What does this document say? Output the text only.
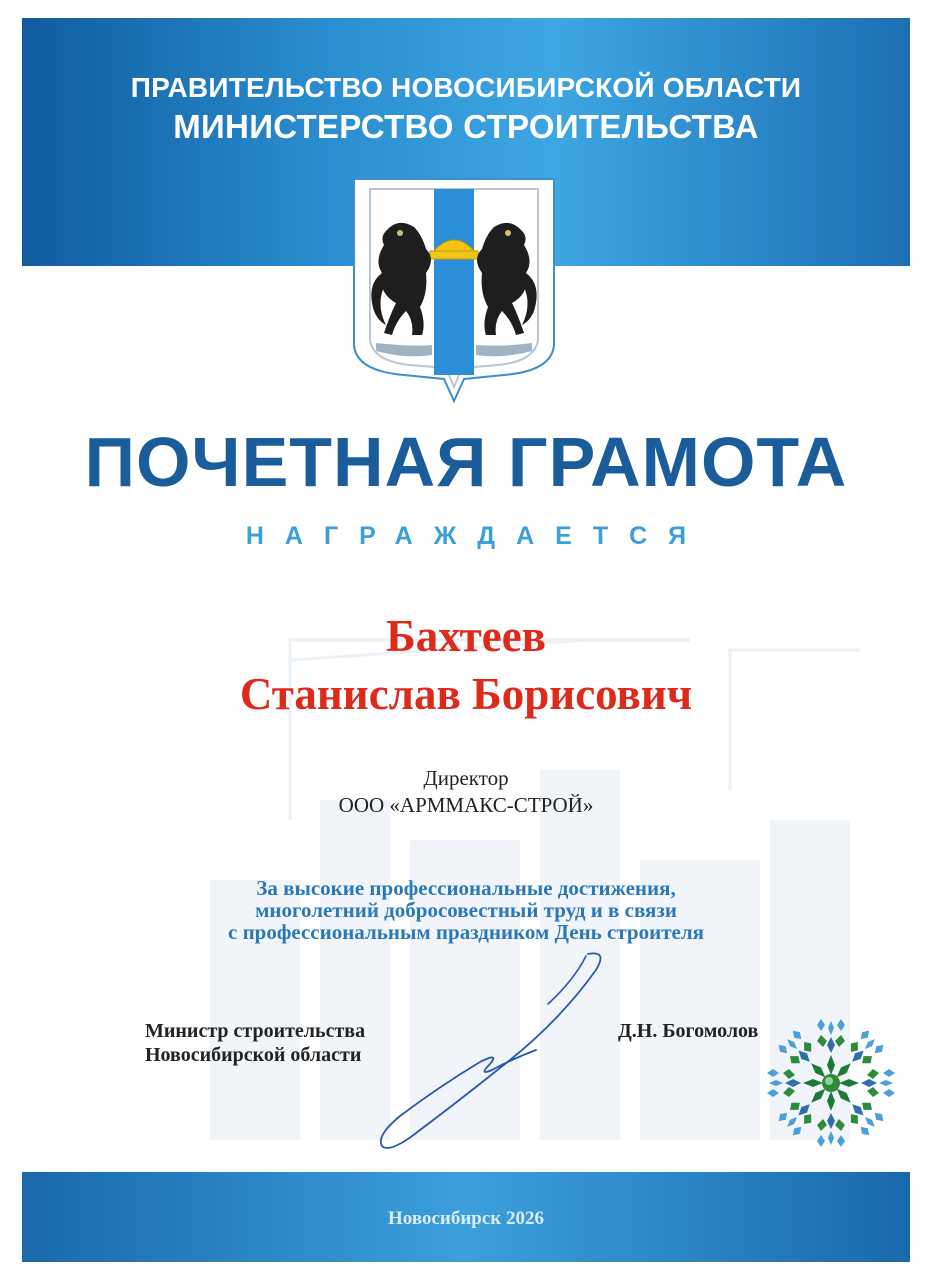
ПРАВИТЕЛЬСТВО НОВОСИБИРСКОЙ ОБЛАСТИ
МИНИСТЕРСТВО СТРОИТЕЛЬСТВА
ПОЧЕТНАЯ ГРАМОТА
НАГРАЖДАЕТСЯ
Бахтеев
Станислав Борисович
Директор
ООО «АРММАКС-СТРОЙ»
За высокие профессиональные достижения,
многолетний добросовестный труд и в связи
с профессиональным праздником День строителя
Министр строительства
Новосибирской области
Д.Н. Богомолов
Новосибирск 2026
